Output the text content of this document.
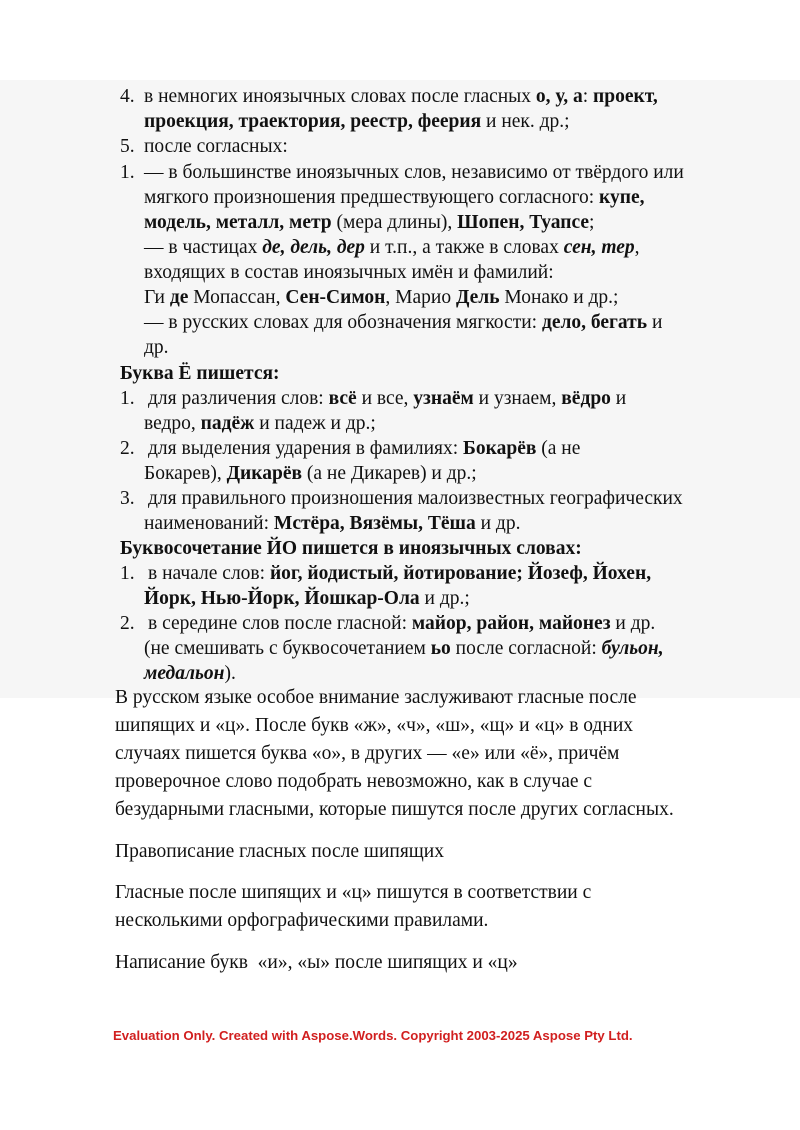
4. в немногих иноязычных словах после гласных о, у, а: проект,
проекция, траектория, реестр, феерия и нек. др.;
5. после согласных:
1. — в большинстве иноязычных слов, независимо от твёрдого или
мягкого произношения предшествующего согласного: купе,
модель, металл, метр (мера длины), Шопен, Туапсе;
— в частицах де, дель, дер и т.п., а также в словах сен, тер,
входящих в состав иноязычных имён и фамилий:
Ги де Мопассан, Сен-Симон, Марио Дель Монако и др.;
— в русских словах для обозначения мягкости: дело, бегать и
др.
Буква Ё пишется:
1. для различения слов: всё и все, узнаём и узнаем, вёдро и
ведро, падёж и падеж и др.;
2. для выделения ударения в фамилиях: Бокарёв (а не
Бокарев), Дикарёв (а не Дикарев) и др.;
3. для правильного произношения малоизвестных географических
наименований: Мстёра, Вязёмы, Тёша и др.
Буквосочетание ЙО пишется в иноязычных словах:
1. в начале слов: йог, йодистый, йотирование; Йозеф, Йохен,
Йорк, Нью-Йорк, Йошкар-Ола и др.;
2. в середине слов после гласной: майор, район, майонез и др.
(не смешивать с буквосочетанием ьо после согласной: бульон,
медальон).
В русском языке особое внимание заслуживают гласные после
шипящих и «ц». После букв «ж», «ч», «ш», «щ» и «ц» в одних
случаях пишется буква «о», в других — «е» или «ё», причём
проверочное слово подобрать невозможно, как в случае с
безударными гласными, которые пишутся после других согласных.
Правописание гласных после шипящих
Гласные после шипящих и «ц» пишутся в соответствии с
несколькими орфографическими правилами.
Написание букв  «и», «ы» после шипящих и «ц»
Evaluation Only. Created with Aspose.Words. Copyright 2003-2025 Aspose Pty Ltd.
